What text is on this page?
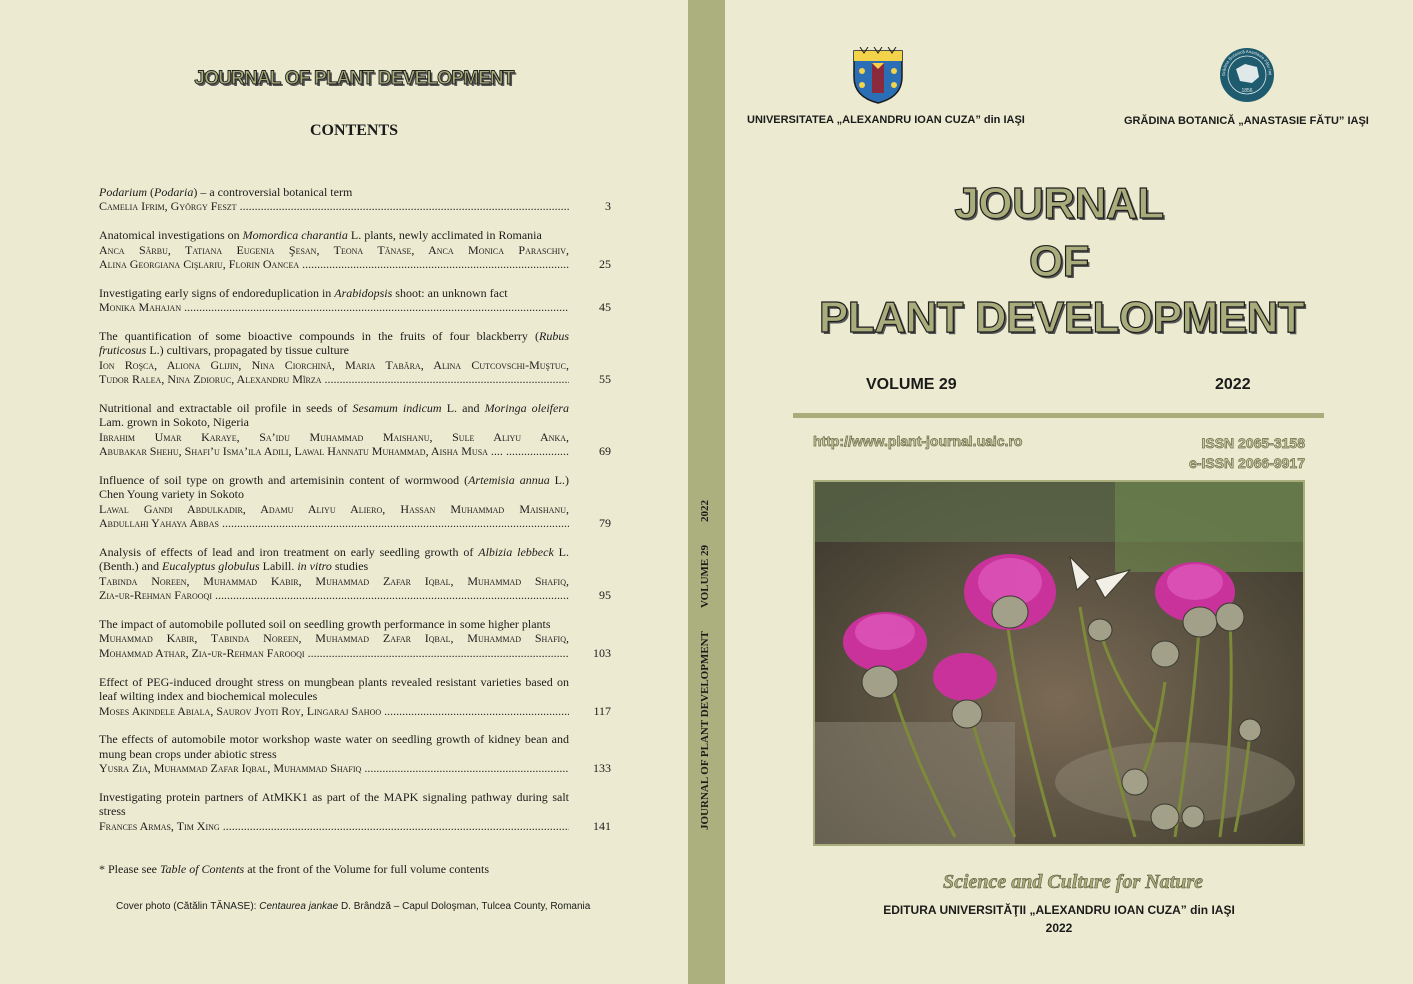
JOURNAL OF PLANT DEVELOPMENT
CONTENTS
Podarium (Podaria) – a controversial botanical term
Camelia Ifrim, György Feszt .....	3
Anatomical investigations on Momordica charantia L. plants, newly acclimated in Romania
Anca Sârbu, Tatiana Eugenia Şesan, Teona Tănase, Anca Monica Paraschiv,
Alina Georgiana Cişlariu, Florin Oancea .....	25
Investigating early signs of endoreduplication in Arabidopsis shoot: an unknown fact
Monika Mahajan .....	45
The quantification of some bioactive compounds in the fruits of four blackberry (Rubus fruticosus L.) cultivars, propagated by tissue culture
Ion Roşca, Aliona Glijin, Nina Ciorchină, Maria Tabăra, Alina Cutcovschi-Muştuc,
Tudor Ralea, Nina Zdioruc, Alexandru Mîrza .....	55
Nutritional and extractable oil profile in seeds of Sesamum indicum L. and Moringa oleifera Lam. grown in Sokoto, Nigeria
Ibrahim Umar Karaye, Sa’idu Muhammad Maishanu, Sule Aliyu Anka,
Abubakar Shehu, Shafi’u Isma’ila Adili, Lawal Hannatu Muhammad, Aisha Musa .... .....	69
Influence of soil type on growth and artemisinin content of wormwood (Artemisia annua L.) Chen Young variety in Sokoto
Lawal Gandi Abdulkadir, Adamu Aliyu Aliero, Hassan Muhammad Maishanu,
Abdullahi Yahaya Abbas .....	79
Analysis of effects of lead and iron treatment on early seedling growth of Albizia lebbeck L. (Benth.) and Eucalyptus globulus Labill. in vitro studies
Tabinda Noreen, Muhammad Kabir, Muhammad Zafar Iqbal, Muhammad Shafiq,
Zia-ur-Rehman Farooqi .....	95
The impact of automobile polluted soil on seedling growth performance in some higher plants
Muhammad Kabir, Tabinda Noreen, Muhammad Zafar Iqbal, Muhammad Shafiq,
Mohammad Athar, Zia-ur-Rehman Farooqi .....	103
Effect of PEG-induced drought stress on mungbean plants revealed resistant varieties based on leaf wilting index and biochemical molecules
Moses Akindele Abiala, Saurov Jyoti Roy, Lingaraj Sahoo .....	117
The effects of automobile motor workshop waste water on seedling growth of kidney bean and mung bean crops under abiotic stress
Yusra Zia, Muhammad Zafar Iqbal, Muhammad Shafiq .....	133
Investigating protein partners of AtMKK1 as part of the MAPK signaling pathway during salt stress
Frances Armas, Tim Xing .....	141
* Please see Table of Contents at the front of the Volume for full volume contents
Cover photo (Cătălin TĂNASE): Centaurea jankae D. Brândză – Capul Doloşman, Tulcea County, Romania
JOURNAL OF PLANT DEVELOPMENT
VOLUME 29
2022
1856
Grădina Botanică Anastasie Fătu Iaş
UNIVERSITATEA „ALEXANDRU IOAN CUZA” din IAŞI	GRĂDINA BOTANICĂ „ANASTASIE FĂTU” IAŞI
JOURNAL
OF
PLANT DEVELOPMENT
VOLUME 29	2022
http://www.plant-journal.uaic.ro	ISSN 2065-3158
e-ISSN 2066-9917
Science and Culture for Nature
EDITURA UNIVERSITĂŢII „ALEXANDRU IOAN CUZA” din IAŞI
2022
